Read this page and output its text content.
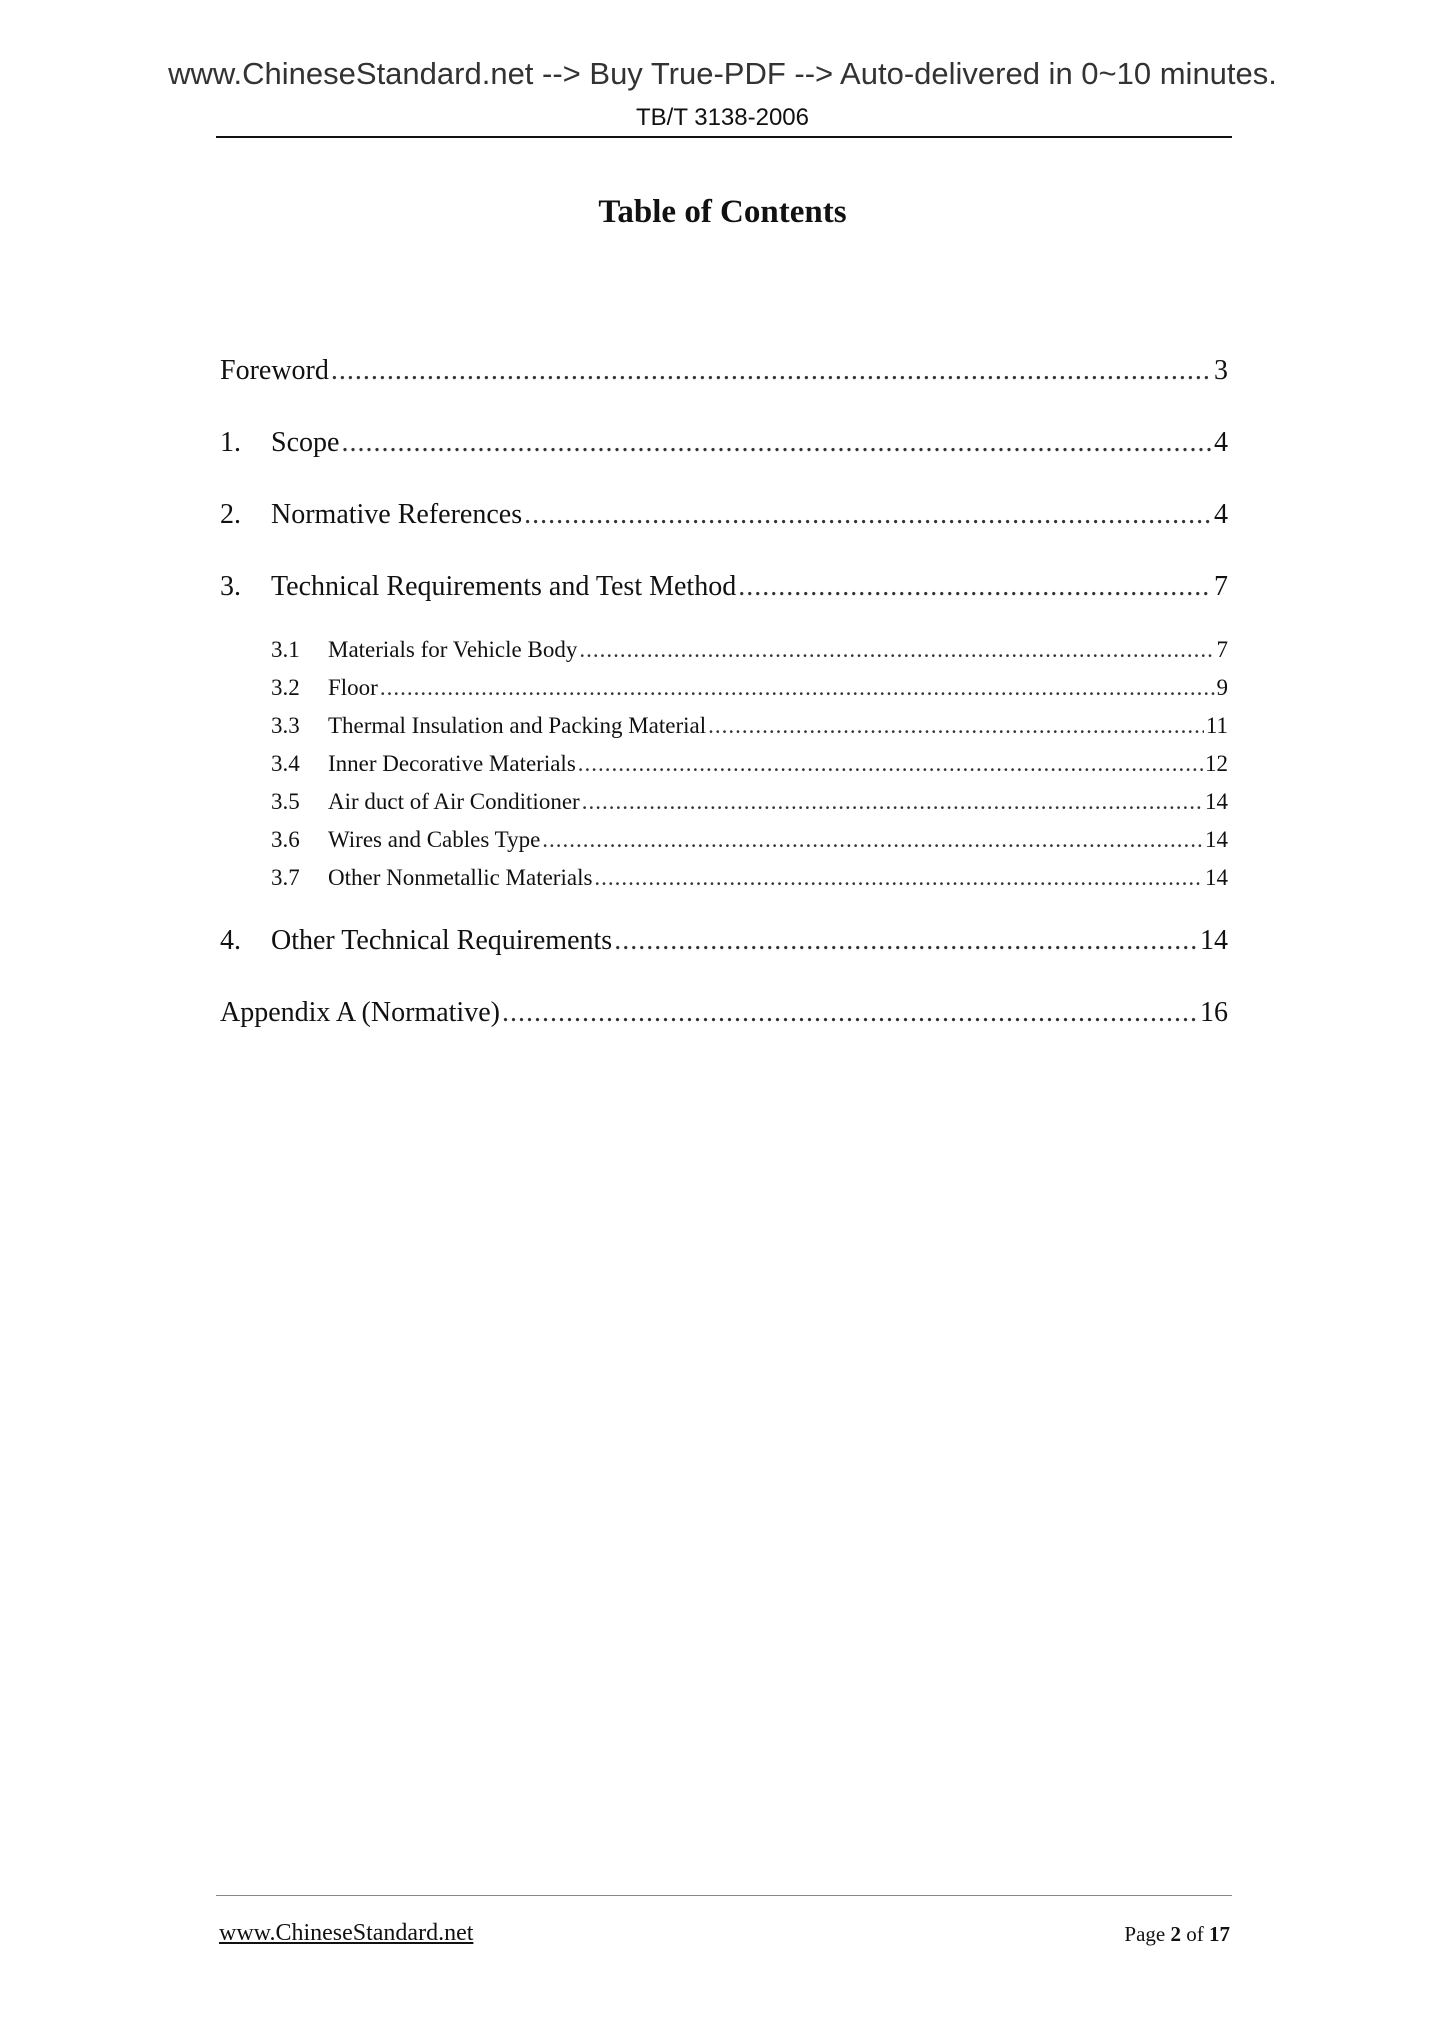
www.ChineseStandard.net --> Buy True-PDF --> Auto-delivered in 0~10 minutes.
TB/T 3138-2006
Table of Contents
Foreword .....	3
1.	Scope .....	4
2.	Normative References .....	4
3.	Technical Requirements and Test Method .....	7
3.1	Materials for Vehicle Body .....	7
3.2	Floor .....	9
3.3	Thermal Insulation and Packing Material .....	11
3.4	Inner Decorative Materials .....	12
3.5	Air duct of Air Conditioner .....	14
3.6	Wires and Cables Type .....	14
3.7	Other Nonmetallic Materials .....	14
4.	Other Technical Requirements .....	14
Appendix A (Normative) .....	16
www.ChineseStandard.net	Page 2 of 17
